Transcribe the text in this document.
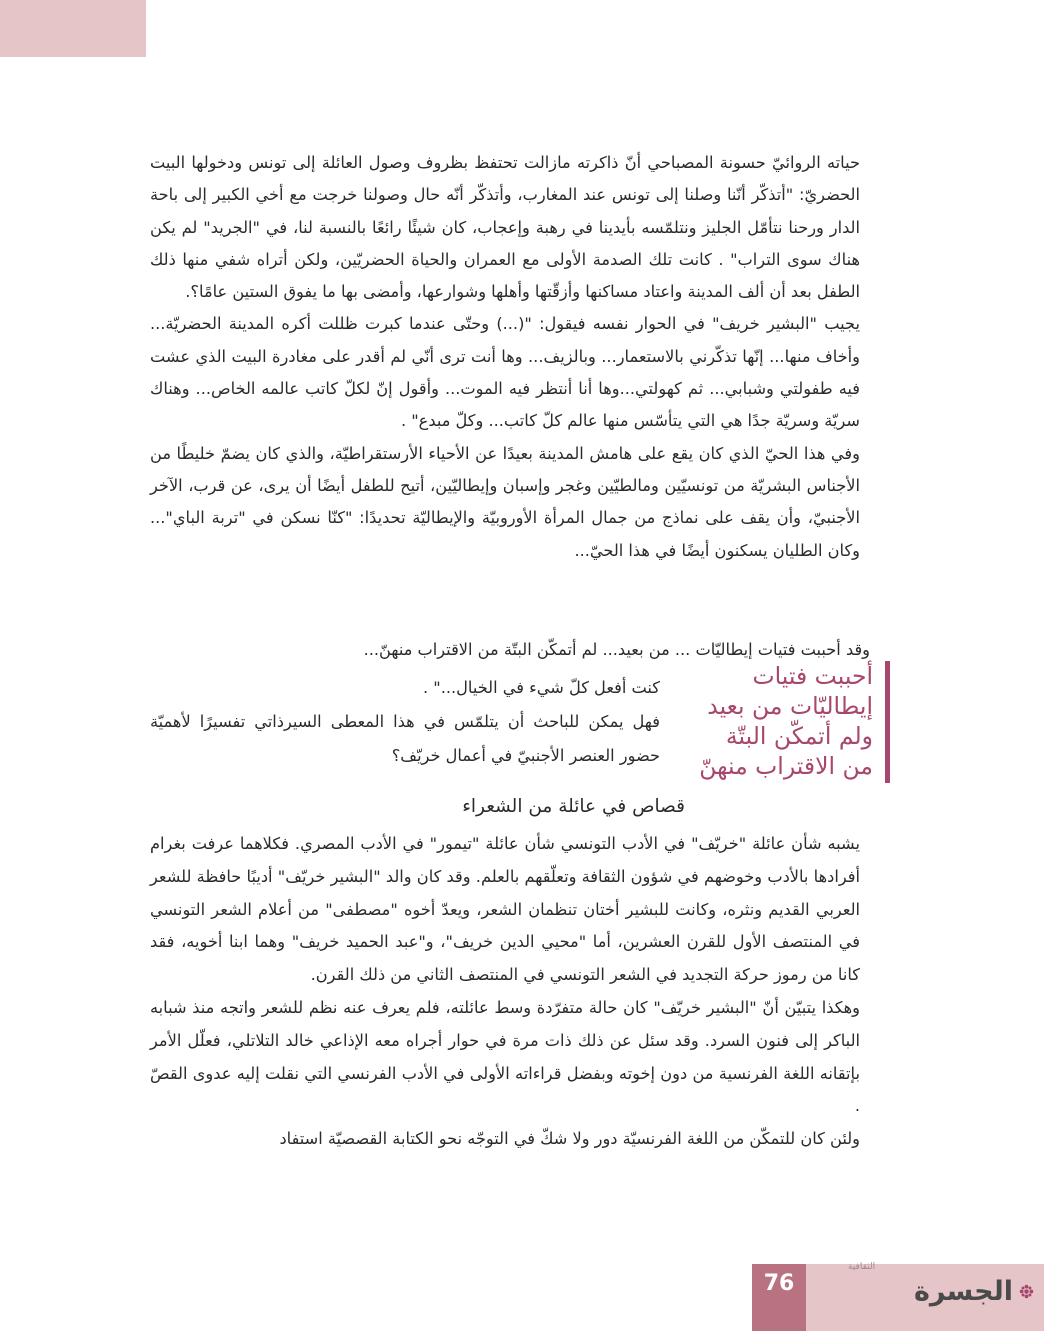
حياته الروائيّ حسونة المصباحي أنّ ذاكرته مازالت تحتفظ بظروف وصول العائلة إلى تونس ودخولها البيت الحضريّ: "أتذكّر أنّنا وصلنا إلى تونس عند المغارب، وأتذكّر أنّه حال وصولنا خرجت مع أخي الكبير إلى باحة الدار ورحنا نتأمّل الجليز ونتلمّسه بأيدينا في رهبة وإعجاب، كان شيئًا رائعًا بالنسبة لنا، في "الجريد" لم يكن هناك سوى التراب" . كانت تلك الصدمة الأولى مع العمران والحياة الحضريّين، ولكن أتراه شفي منها ذلك الطفل بعد أن ألف المدينة واعتاد مساكنها وأزقّتها وأهلها وشوارعها، وأمضى بها ما يفوق الستين عامًا؟.

يجيب "البشير خريف" في الحوار نفسه فيقول: "(...) وحتّى عندما كبرت ظللت أكره المدينة الحضريّة... وأخاف منها... إنّها تذكّرني بالاستعمار... وبالزيف... وها أنت ترى أنّي لم أقدر على مغادرة البيت الذي عشت فيه طفولتي وشبابي... ثم كهولتي...وها أنا أنتظر فيه الموت... وأقول إنّ لكلّ كاتب عالمه الخاص... وهناك سريّة وسريّة جدًا هي التي يتأسّس منها عالم كلّ كاتب... وكلّ مبدع" .

وفي هذا الحيّ الذي كان يقع على هامش المدينة بعيدًا عن الأحياء الأرستقراطيّة، والذي كان يضمّ خليطًا من الأجناس البشريّة من تونسيّين ومالطيّين وغجر وإسبان وإيطاليّين، أتيح للطفل أيضًا أن يرى، عن قرب، الآخر الأجنبيّ، وأن يقف على نماذج من جمال المرأة الأوروبيّة والإيطاليّة تحديدًا: "كنّا نسكن في "تربة الباي"... وكان الطليان يسكنون أيضًا في هذا الحيّ...

وقد أحببت فتيات إيطاليّات ... من بعيد... لم أتمكّن البتّة من الاقتراب منهنّ...

كنت أفعل كلّ شيء في الخيال..." .

فهل يمكن للباحث أن يتلمّس في هذا المعطى السيرذاتي تفسيرًا لأهميّة حضور العنصر الأجنبيّ في أعمال خريّف؟

أحببت فتيات

إيطاليّات من بعيد

ولم أتمكّن البتّة

من الاقتراب منهنّ

قصاص في عائلة من الشعراء

يشبه شأن عائلة "خريّف" في الأدب التونسي شأن عائلة "تيمور" في الأدب المصري. فكلاهما عرفت بغرام أفرادها بالأدب وخوضهم في شؤون الثقافة وتعلّقهم بالعلم. وقد كان والد "البشير خريّف" أديبًا حافظة للشعر العربي القديم ونثره، وكانت للبشير أختان تنظمان الشعر، ويعدّ أخوه "مصطفى" من أعلام الشعر التونسي في المنتصف الأول للقرن العشرين، أما "محيي الدين خريف"، و"عبد الحميد خريف" وهما ابنا أخويه، فقد كانا من رموز حركة التجديد في الشعر التونسي في المنتصف الثاني من ذلك القرن.

وهكذا يتبيّن أنّ "البشير خريّف" كان حالة متفرّدة وسط عائلته، فلم يعرف عنه نظم للشعر واتجه منذ شبابه الباكر إلى فنون السرد. وقد سئل عن ذلك ذات مرة في حوار أجراه معه الإذاعي خالد التلاتلي، فعلّل الأمر بإتقانه اللغة الفرنسية من دون إخوته وبفضل قراءاته الأولى في الأدب الفرنسي التي نقلت إليه عدوى القصّ .

ولئن كان للتمكّن من اللغة الفرنسيّة دور ولا شكّ في التوجّه نحو الكتابة القصصيّة استفاد

76	الجسرة
الثقافية
